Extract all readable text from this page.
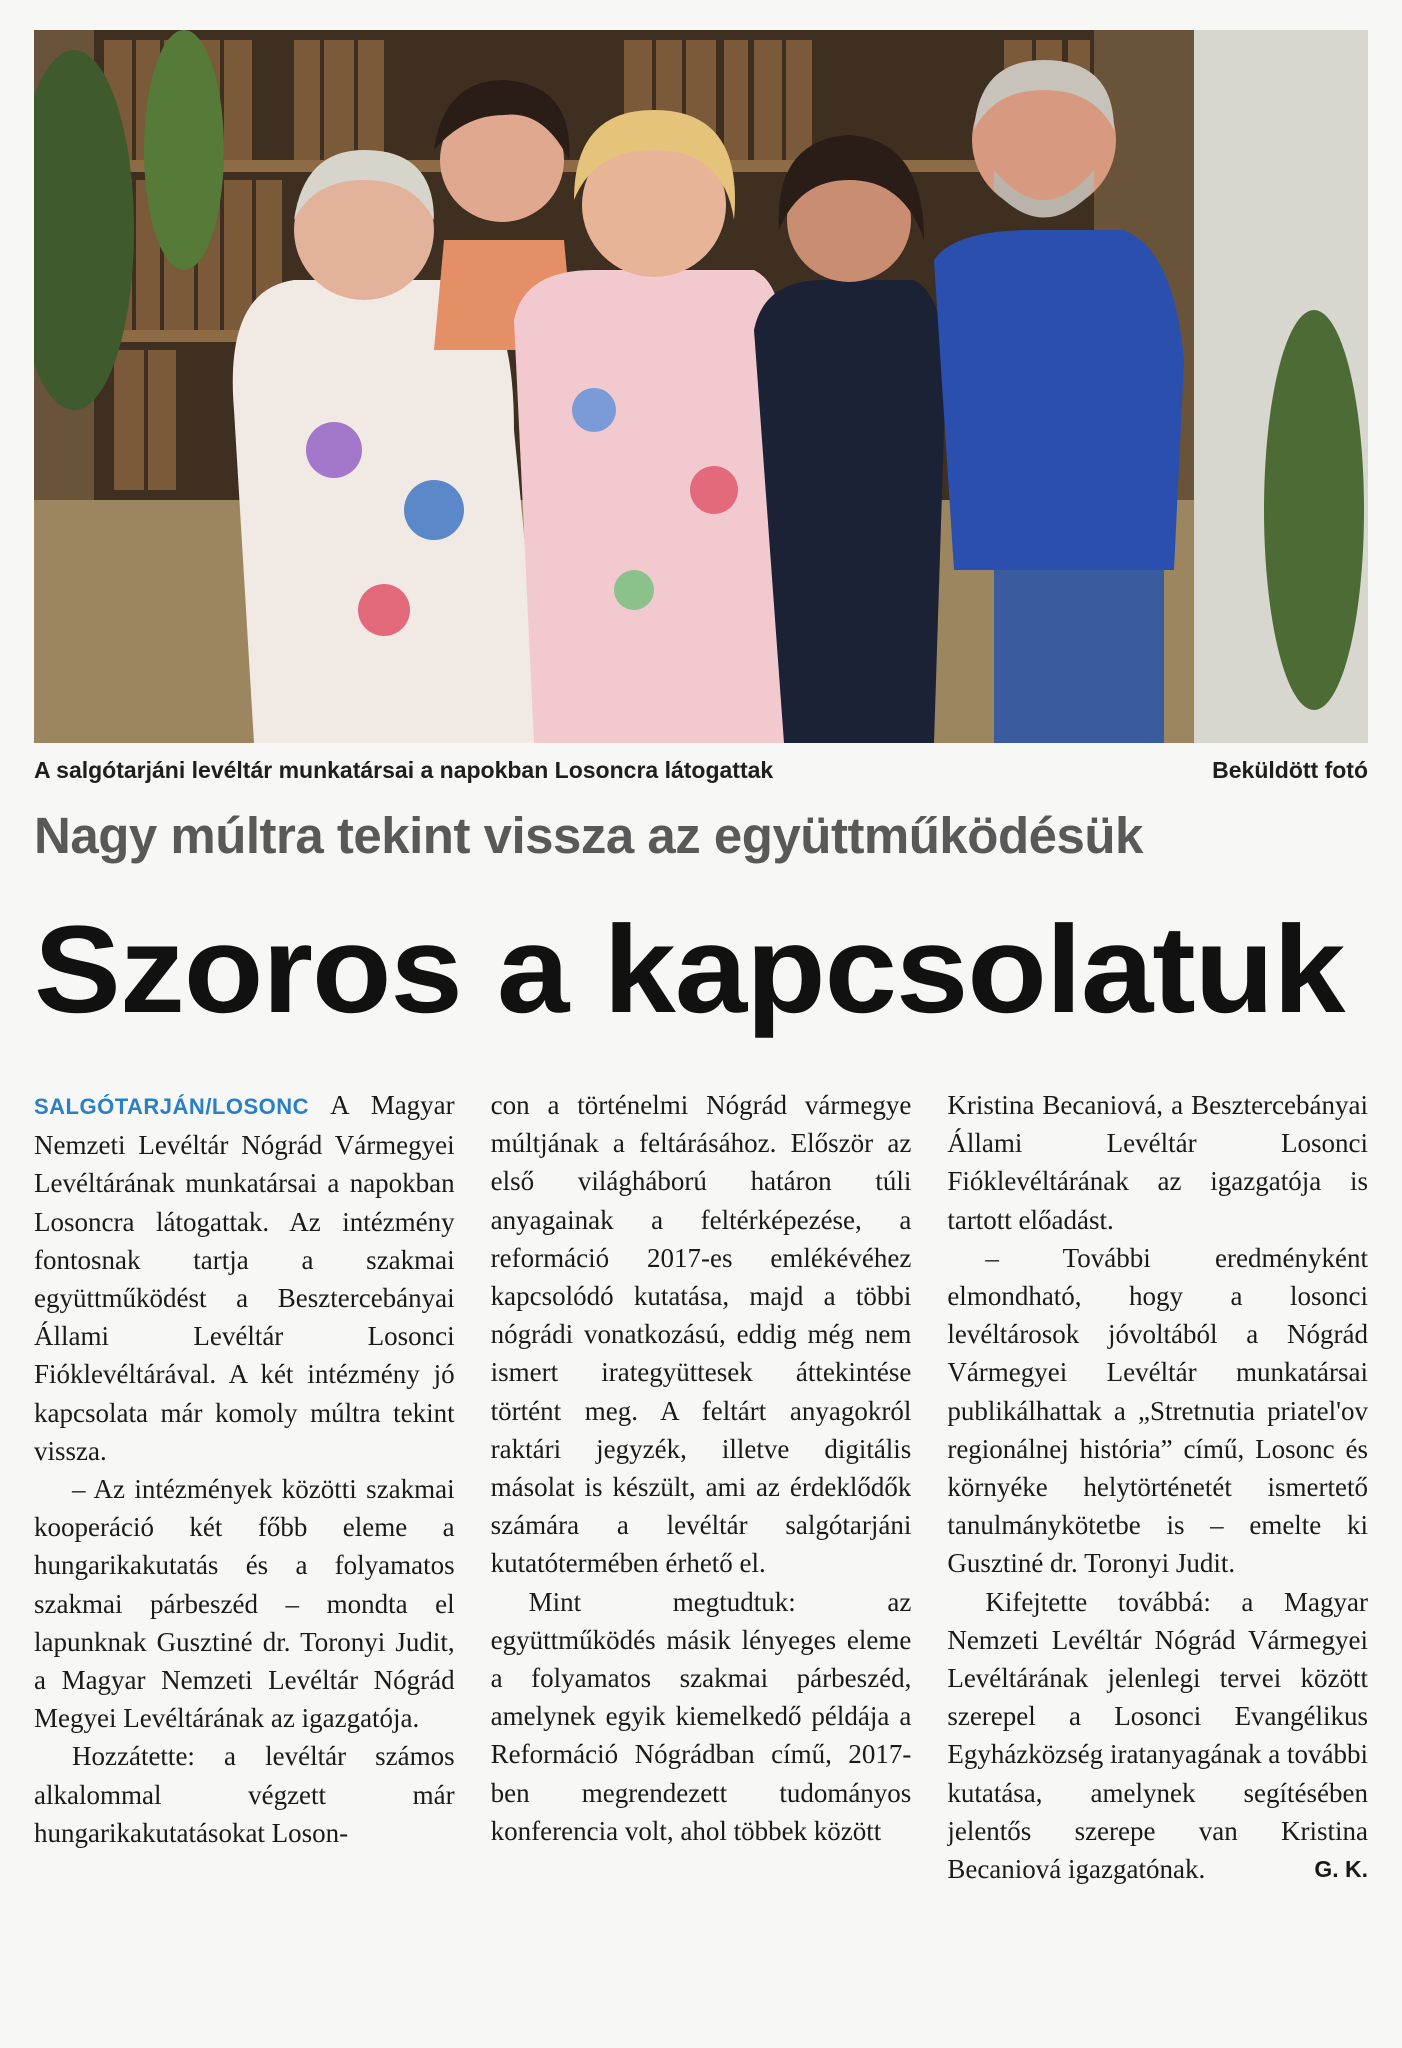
A salgótarjáni levéltár munkatársai a napokban Losoncra látogattak	Beküldött fotó
Nagy múltra tekint vissza az együttműködésük
Szoros a kapcsolatuk

SALGÓTARJÁN/LOSONC A Magyar Nemzeti Levéltár Nógrád Vármegyei Levéltárának munkatársai a napokban Losoncra látogattak. Az intézmény fontosnak tartja a szakmai együttműködést a Besztercebányai Állami Levéltár Losonci Fióklevéltárával. A két intézmény jó kapcsolata már komoly múltra tekint vissza.

– Az intézmények közötti szakmai kooperáció két főbb eleme a hungarikakutatás és a folyamatos szakmai párbeszéd – mondta el lapunknak Gusztiné dr. Toronyi Judit, a Magyar Nemzeti Levéltár Nógrád Megyei Levéltárának az igazgatója.

Hozzátette: a levéltár számos alkalommal végzett már hungarikakutatásokat Loson-

con a történelmi Nógrád vármegye múltjának a feltárásához. Először az első világháború határon túli anyagainak a feltérképezése, a reformáció 2017-es emlékévéhez kapcsolódó kutatása, majd a többi nógrádi vonatkozású, eddig még nem ismert irategyüttesek áttekintése történt meg. A feltárt anyagokról raktári jegyzék, illetve digitális másolat is készült, ami az érdeklődők számára a levéltár salgótarjáni kutatótermében érhető el.

Mint megtudtuk: az együttműködés másik lényeges eleme a folyamatos szakmai párbeszéd, amelynek egyik kiemelkedő példája a Reformáció Nógrádban című, 2017-ben megrendezett tudományos konferencia volt, ahol többek között

Kristina Becaniová, a Besztercebányai Állami Levéltár Losonci Fióklevéltárának az igazgatója is tartott előadást.

– További eredményként elmondható, hogy a losonci levéltárosok jóvoltából a Nógrád Vármegyei Levéltár munkatársai publikálhattak a „Stretnutia priatel'ov regionálnej história” című, Losonc és környéke helytörténetét ismertető tanulmánykötetbe is – emelte ki Gusztiné dr. Toronyi Judit.

Kifejtette továbbá: a Magyar Nemzeti Levéltár Nógrád Vármegyei Levéltárának jelenlegi tervei között szerepel a Losonci Evangélikus Egyházközség iratanyagának a további kutatása, amelynek segítésében jelentős szerepe van Kristina Becaniová igazgatónak.	G. K.
